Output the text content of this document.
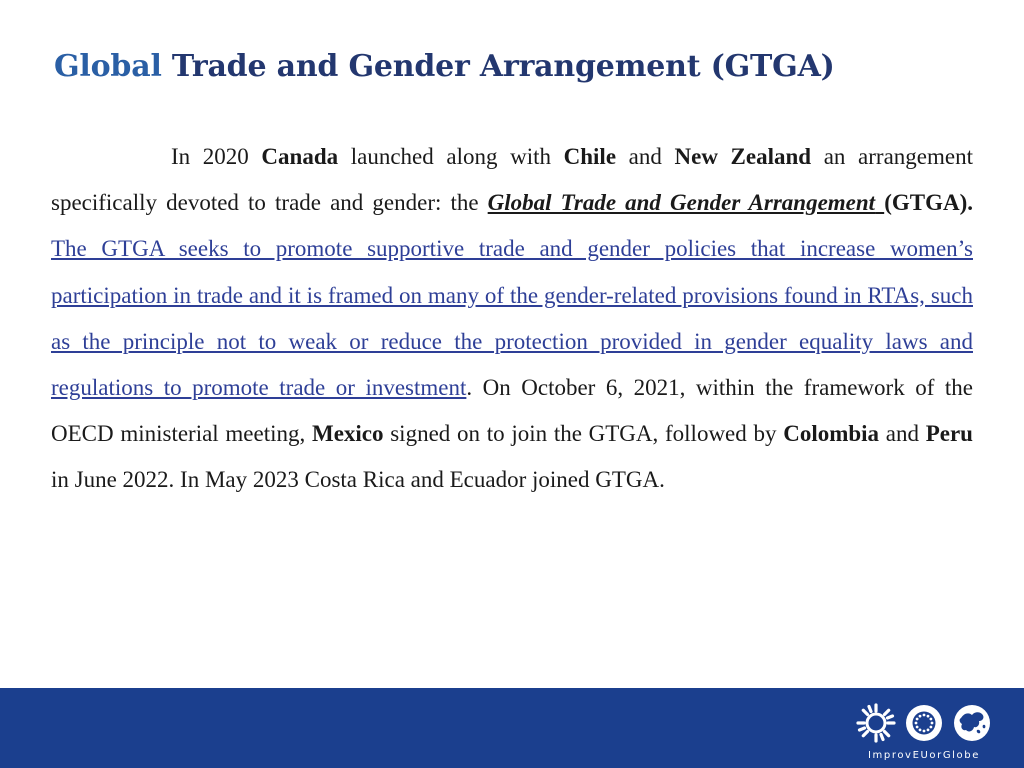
Global Trade and Gender Arrangement (GTGA)

In 2020 Canada launched along with Chile and New Zealand an arrangement specifically devoted to trade and gender: the Global Trade and Gender Arrangement (GTGA). The GTGA seeks to promote supportive trade and gender policies that increase women’s participation in trade and it is framed on many of the gender-related provisions found in RTAs, such as the principle not to weak or reduce the protection provided in gender equality laws and regulations to promote trade or investment. On October 6, 2021, within the framework of the OECD ministerial meeting, Mexico signed on to join the GTGA, followed by Colombia and Peru in June 2022. In May 2023 Costa Rica and Ecuador joined GTGA.

ImprovEUorGlobe
